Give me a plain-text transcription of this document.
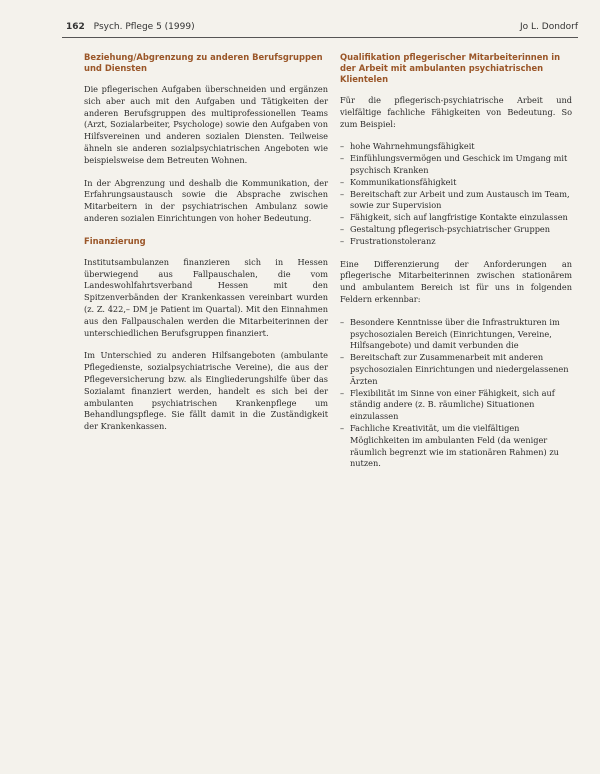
162 Psych. Pflege 5 (1999)	Jo L. Dondorf
Beziehung/Abgrenzung zu anderen Berufsgruppen und Diensten

Die pflegerischen Aufgaben überschneiden und ergänzen sich aber auch mit den Aufgaben und Tätigkeiten der anderen Berufsgruppen des multiprofessionellen Teams (Arzt, Sozialarbeiter, Psychologe) sowie den Aufgaben von Hilfsvereinen und anderen sozialen Diensten. Teilweise ähneln sie anderen sozialpsychiatrischen Angeboten wie beispielsweise dem Betreuten Wohnen.

In der Abgrenzung und deshalb die Kommunikation, der Erfahrungsaustausch sowie die Absprache zwischen Mitarbeitern in der psychiatrischen Ambulanz sowie anderen sozialen Einrichtungen von hoher Bedeutung.

Finanzierung

Institutsambulanzen finanzieren sich in Hessen überwiegend aus Fallpauschalen, die vom Landeswohlfahrtsverband Hessen mit den Spitzenverbänden der Krankenkassen vereinbart wurden (z. Z. 422,– DM je Patient im Quartal). Mit den Einnahmen aus den Fallpauschalen werden die Mitarbeiterinnen der unterschiedlichen Berufsgruppen finanziert.

Im Unterschied zu anderen Hilfsangeboten (ambulante Pflegedienste, sozialpsychiatrische Vereine), die aus der Pflegeversicherung bzw. als Eingliederungshilfe über das Sozialamt finanziert werden, handelt es sich bei der ambulanten psychiatrischen Krankenpflege um Behandlungspflege. Sie fällt damit in die Zuständigkeit der Krankenkassen.

Qualifikation pflegerischer Mitarbeiterinnen in der Arbeit mit ambulanten psychiatrischen Klientelen

Für die pflegerisch-psychiatrische Arbeit und vielfältige fachliche Fähigkeiten von Bedeutung. So zum Beispiel:

– hohe Wahrnehmungsfähigkeit
– Einfühlungsvermögen und Geschick im Umgang mit psychisch Kranken
– Kommunikationsfähigkeit
– Bereitschaft zur Arbeit und zum Austausch im Team, sowie zur Supervision
– Fähigkeit, sich auf langfristige Kontakte einzulassen
– Gestaltung pflegerisch-psychiatrischer Gruppen
– Frustrationstoleranz

Eine Differenzierung der Anforderungen an pflegerische Mitarbeiterinnen zwischen stationärem und ambulantem Bereich ist für uns in folgenden Feldern erkennbar:

– Besondere Kenntnisse über die Infrastrukturen im psychosozialen Bereich (Einrichtungen, Vereine, Hilfsangebote) und damit verbunden die
– Bereitschaft zur Zusammenarbeit mit anderen psychosozialen Einrichtungen und niedergelassenen Ärzten
– Flexibilität im Sinne von einer Fähigkeit, sich auf ständig andere (z. B. räumliche) Situationen einzulassen
– Fachliche Kreativität, um die vielfältigen Möglichkeiten im ambulanten Feld (da weniger räumlich begrenzt wie im stationären Rahmen) zu nutzen.
